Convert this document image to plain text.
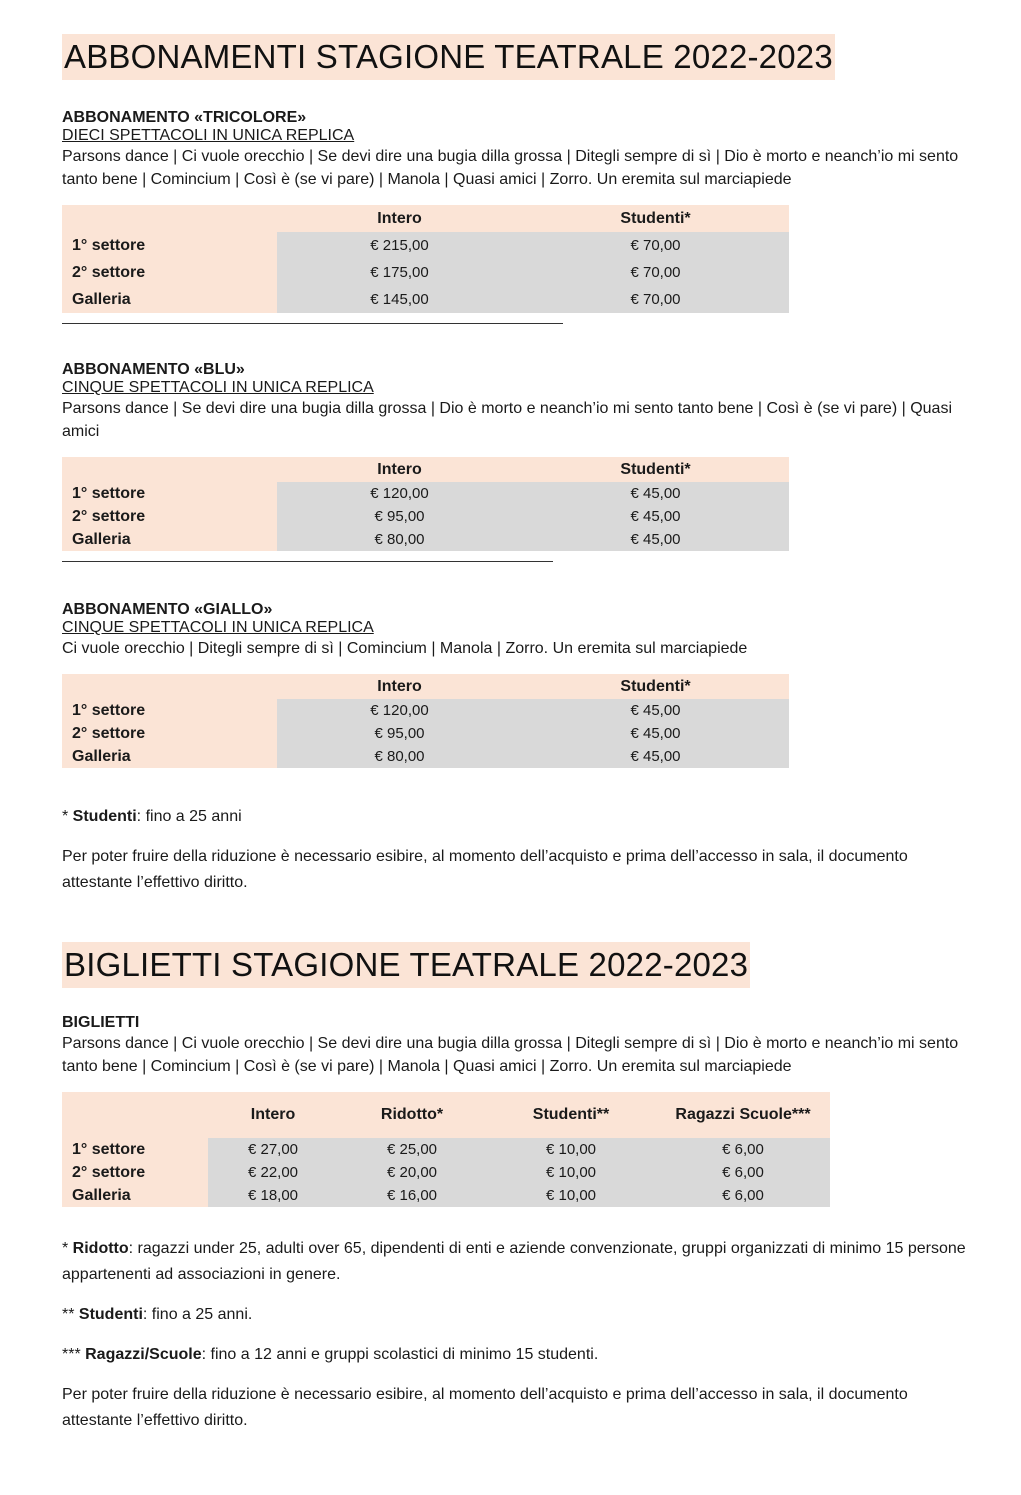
ABBONAMENTI STAGIONE TEATRALE 2022-2023
ABBONAMENTO «TRICOLORE»
DIECI SPETTACOLI IN UNICA REPLICA
Parsons dance | Ci vuole orecchio | Se devi dire una bugia dilla grossa | Ditegli sempre di sì | Dio è morto e neanch’io mi sento tanto bene | Comincium | Così è (se vi pare) | Manola | Quasi amici | Zorro. Un eremita sul marciapiede
	Intero	Studenti*
1° settore	€ 215,00	€ 70,00
2° settore	€ 175,00	€ 70,00
Galleria	€ 145,00	€ 70,00
ABBONAMENTO «BLU»
CINQUE SPETTACOLI IN UNICA REPLICA
Parsons dance | Se devi dire una bugia dilla grossa | Dio è morto e neanch’io mi sento tanto bene | Così è (se vi pare) | Quasi amici
	Intero	Studenti*
1° settore	€ 120,00	€ 45,00
2° settore	€ 95,00	€ 45,00
Galleria	€ 80,00	€ 45,00
ABBONAMENTO «GIALLO»
CINQUE SPETTACOLI IN UNICA REPLICA
Ci vuole orecchio | Ditegli sempre di sì | Comincium | Manola | Zorro. Un eremita sul marciapiede
	Intero	Studenti*
1° settore	€ 120,00	€ 45,00
2° settore	€ 95,00	€ 45,00
Galleria	€ 80,00	€ 45,00
* Studenti: fino a 25 anni
Per poter fruire della riduzione è necessario esibire, al momento dell’acquisto e prima dell’accesso in sala, il documento attestante l’effettivo diritto.
BIGLIETTI STAGIONE TEATRALE 2022-2023
BIGLIETTI
Parsons dance | Ci vuole orecchio | Se devi dire una bugia dilla grossa | Ditegli sempre di sì | Dio è morto e neanch’io mi sento tanto bene | Comincium | Così è (se vi pare) | Manola | Quasi amici | Zorro. Un eremita sul marciapiede
	Intero	Ridotto*	Studenti**	Ragazzi Scuole***
1° settore	€ 27,00	€ 25,00	€ 10,00	€ 6,00
2° settore	€ 22,00	€ 20,00	€ 10,00	€ 6,00
Galleria	€ 18,00	€ 16,00	€ 10,00	€ 6,00
* Ridotto: ragazzi under 25, adulti over 65, dipendenti di enti e aziende convenzionate, gruppi organizzati di minimo 15 persone appartenenti ad associazioni in genere.
** Studenti: fino a 25 anni.
*** Ragazzi/Scuole: fino a 12 anni e gruppi scolastici di minimo 15 studenti.
Per poter fruire della riduzione è necessario esibire, al momento dell’acquisto e prima dell’accesso in sala, il documento attestante l’effettivo diritto.
